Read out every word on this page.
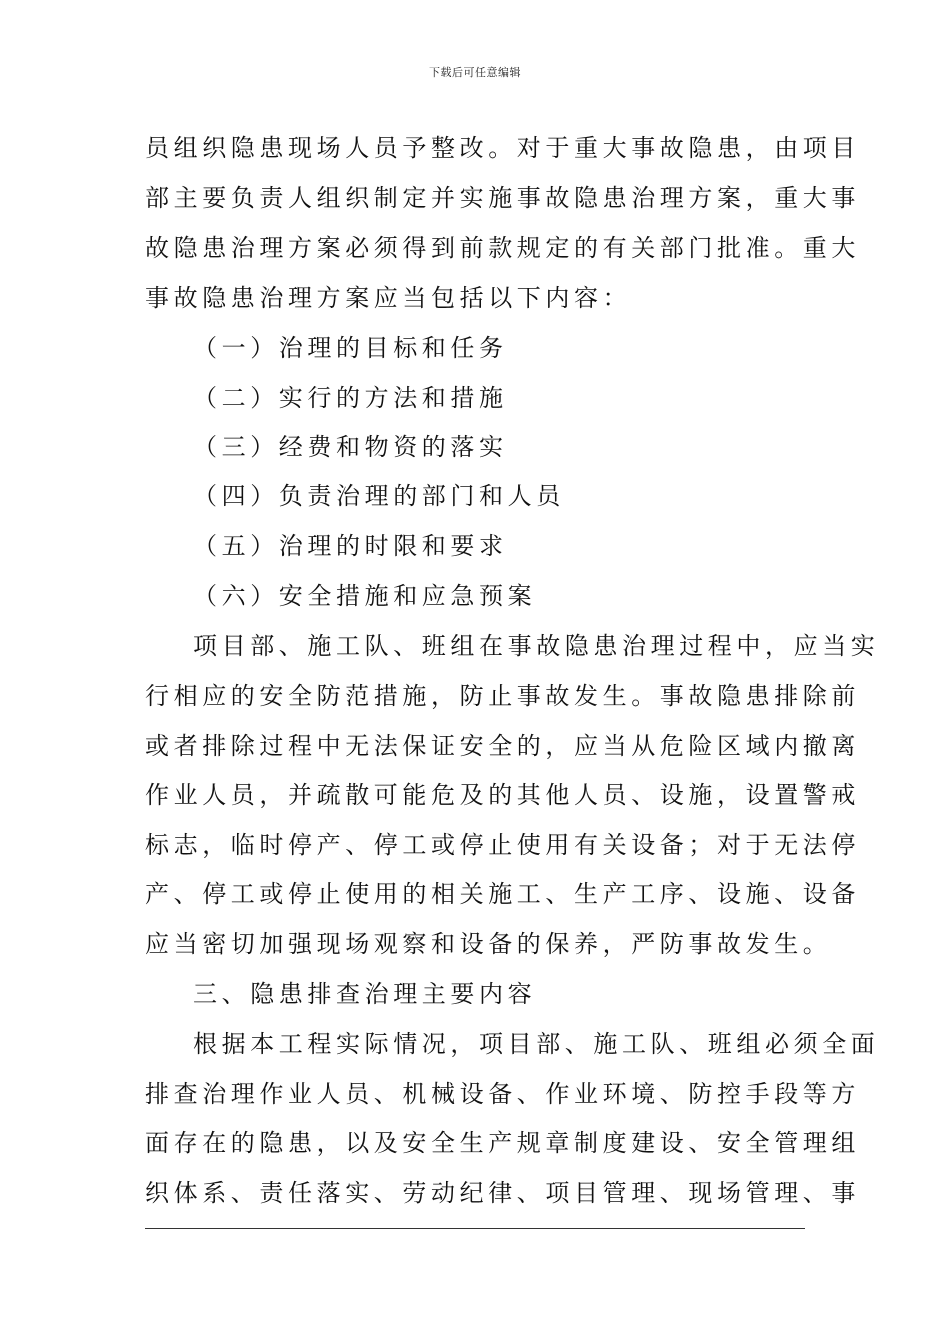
下载后可任意编辑
员组织隐患现场人员予整改。对于重大事故隐患，由项目
部主要负责人组织制定并实施事故隐患治理方案，重大事
故隐患治理方案必须得到前款规定的有关部门批准。重大
事故隐患治理方案应当包括以下内容：
（一）治理的目标和任务
（二）实行的方法和措施
（三）经费和物资的落实
（四）负责治理的部门和人员
（五）治理的时限和要求
（六）安全措施和应急预案
项目部、施工队、班组在事故隐患治理过程中，应当实
行相应的安全防范措施，防止事故发生。事故隐患排除前
或者排除过程中无法保证安全的，应当从危险区域内撤离
作业人员，并疏散可能危及的其他人员、设施，设置警戒
标志，临时停产、停工或停止使用有关设备；对于无法停
产、停工或停止使用的相关施工、生产工序、设施、设备
应当密切加强现场观察和设备的保养，严防事故发生。
三、隐患排查治理主要内容
根据本工程实际情况，项目部、施工队、班组必须全面
排查治理作业人员、机械设备、作业环境、防控手段等方
面存在的隐患，以及安全生产规章制度建设、安全管理组
织体系、责任落实、劳动纪律、项目管理、现场管理、事
